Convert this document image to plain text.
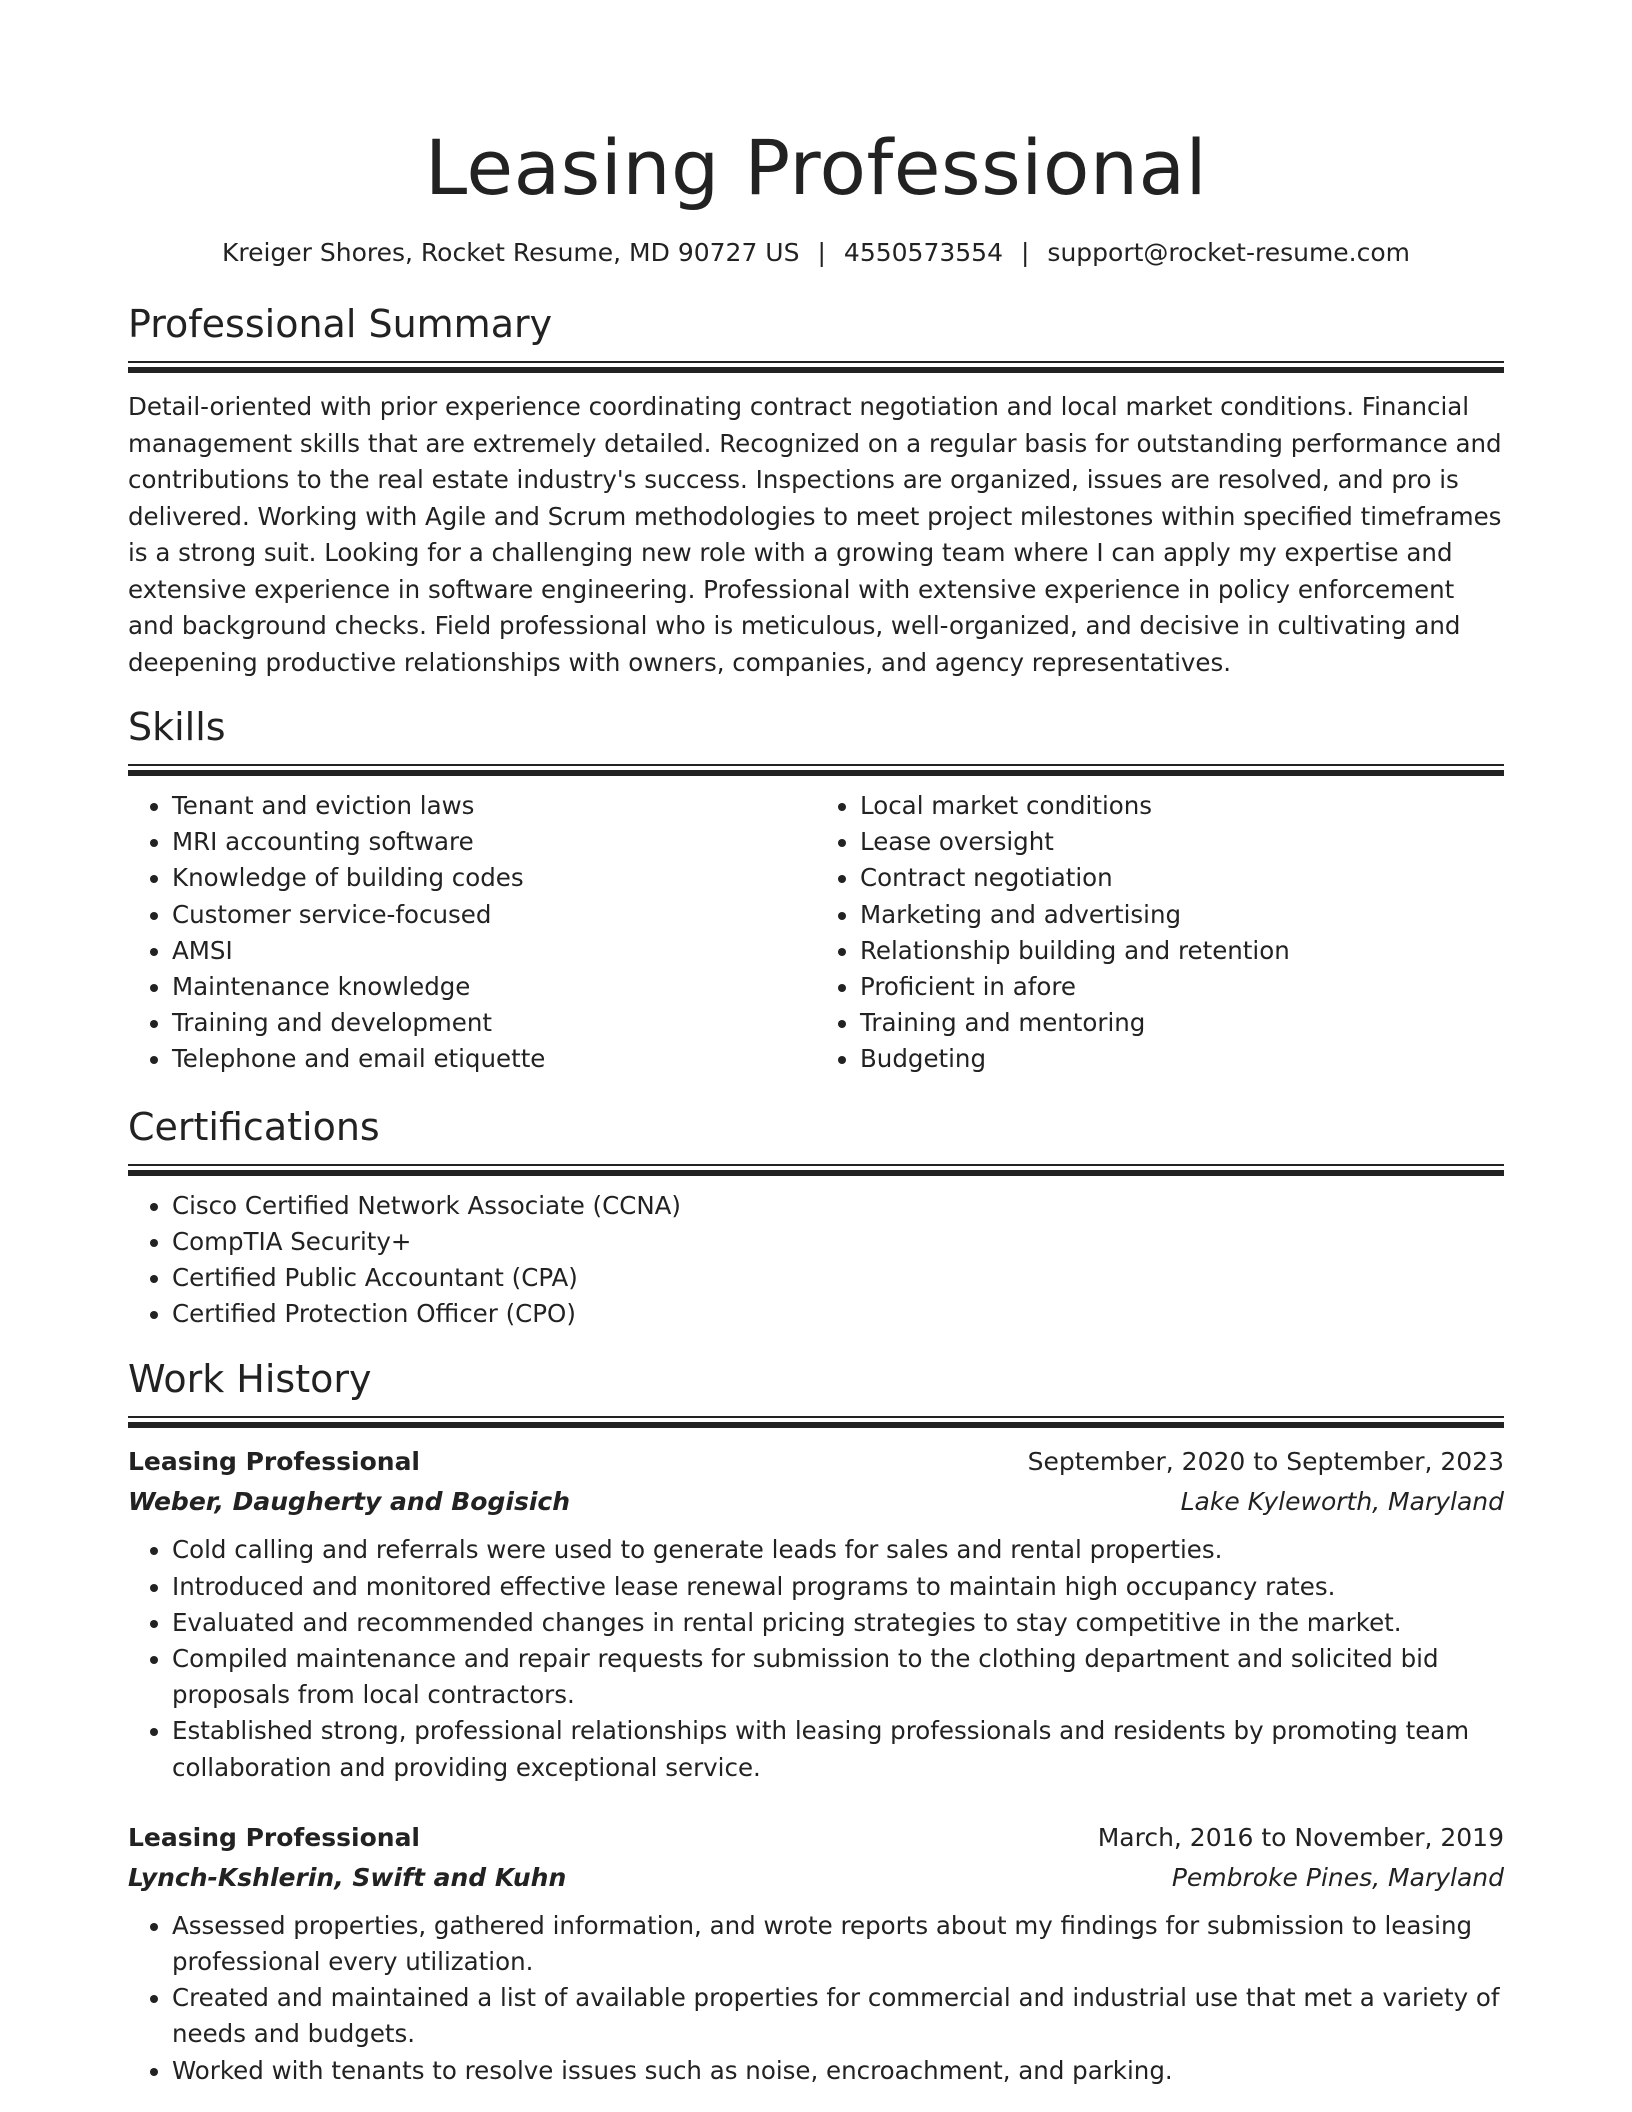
Leasing Professional
Kreiger Shores, Rocket Resume, MD 90727 US | 4550573554 | support@rocket-resume.com
Professional Summary

Detail-oriented with prior experience coordinating contract negotiation and local market conditions. Financial management skills that are extremely detailed. Recognized on a regular basis for outstanding performance and contributions to the real estate industry's success. Inspections are organized, issues are resolved, and pro is delivered. Working with Agile and Scrum methodologies to meet project milestones within specified timeframes is a strong suit. Looking for a challenging new role with a growing team where I can apply my expertise and extensive experience in software engineering. Professional with extensive experience in policy enforcement and background checks. Field professional who is meticulous, well-organized, and decisive in cultivating and deepening productive relationships with owners, companies, and agency representatives.

Skills
• Tenant and eviction laws
• MRI accounting software
• Knowledge of building codes
• Customer service-focused
• AMSI
• Maintenance knowledge
• Training and development
• Telephone and email etiquette
• Local market conditions
• Lease oversight
• Contract negotiation
• Marketing and advertising
• Relationship building and retention
• Proficient in afore
• Training and mentoring
• Budgeting
Certifications
• Cisco Certified Network Associate (CCNA)
• CompTIA Security+
• Certified Public Accountant (CPA)
• Certified Protection Officer (CPO)
Work History
Leasing Professional	September, 2020 to September, 2023
Weber, Daugherty and Bogisich	Lake Kyleworth, Maryland
• Cold calling and referrals were used to generate leads for sales and rental properties.
• Introduced and monitored effective lease renewal programs to maintain high occupancy rates.
• Evaluated and recommended changes in rental pricing strategies to stay competitive in the market.
• Compiled maintenance and repair requests for submission to the clothing department and solicited bid proposals from local contractors.
• Established strong, professional relationships with leasing professionals and residents by promoting team collaboration and providing exceptional service.
Leasing Professional	March, 2016 to November, 2019
Lynch-Kshlerin, Swift and Kuhn	Pembroke Pines, Maryland
• Assessed properties, gathered information, and wrote reports about my findings for submission to leasing professional every utilization.
• Created and maintained a list of available properties for commercial and industrial use that met a variety of needs and budgets.
• Worked with tenants to resolve issues such as noise, encroachment, and parking.
